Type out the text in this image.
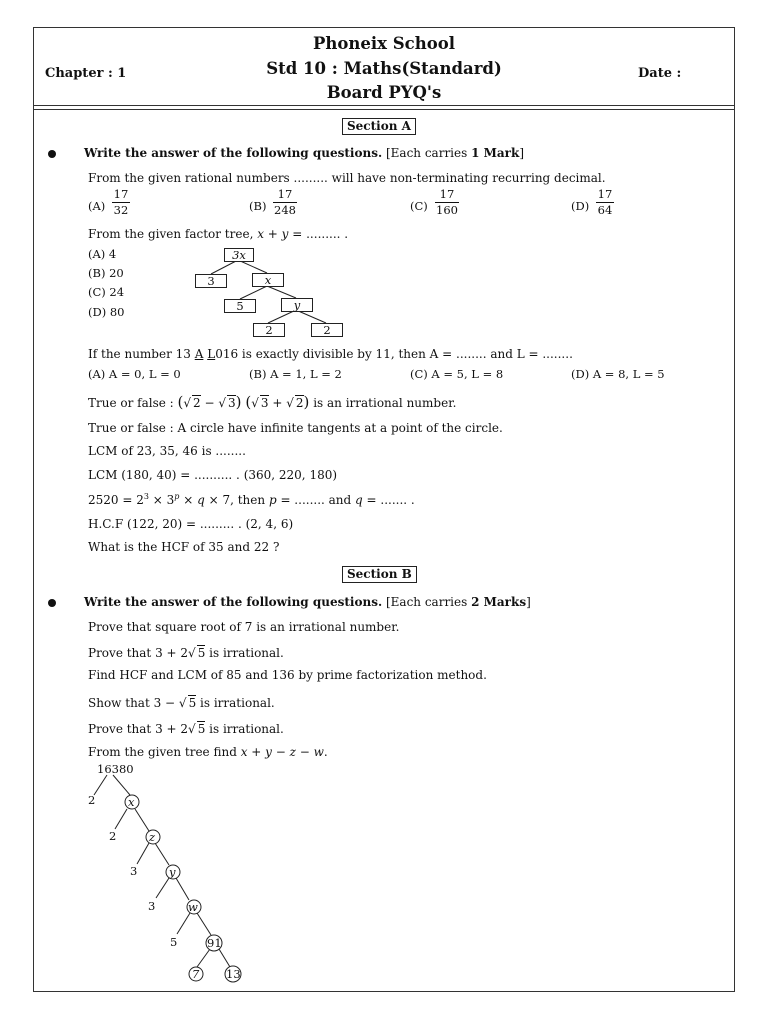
Phoneix School
Std 10 : Maths(Standard)
Board PYQ's
Chapter : 1	Date :
Section A
Write the answer of the following questions. [Each carries 1 Mark]
From the given rational numbers ......... will have non-terminating recurring decimal.
$(A) \frac{17}{32}$	$(B) \frac{17}{248}$	$(C) \frac{17}{160}$	$(D) \frac{17}{64}$
From the given factor tree, x + y = ......... .
(A) 4
(B) 20
(C) 24
(D) 80
3x
3	x
5	y
2	2
If the number 13 A L016 is exactly divisible by 11, then A = ........ and L = ........
(A) A = 0, L = 0	(B) A = 1, L = 2	(C) A = 5, L = 8	(D) A = 8, L = 5
True or false : (√ 2 − √ 3) (√ 3 + √ 2) is an irrational number.
True or false : A circle have infinite tangents at a point of the circle.
LCM of 23, 35, 46 is ........
LCM (180, 40) = .......... . (360, 220, 180)
$2520 = 2^3 \times 3^p \times q \times 7$, then p = ........ and q = ....... .
H.C.F (122, 20) = ......... . (2, 4, 6)
What is the HCF of 35 and 22 ?
Section B
Write the answer of the following questions. [Each carries 2 Marks]
Prove that square root of 7 is an irrational number.
Prove that 3 + 2√ 5 is irrational.
Find HCF and LCM of 85 and 136 by prime factorization method.
Show that 3 − √ 5 is irrational.
Prove that 3 + 2√ 5 is irrational.
From the given tree find x + y − z − w.
16380
2	x
2	z
3	y
3	w
5	91
7 13
